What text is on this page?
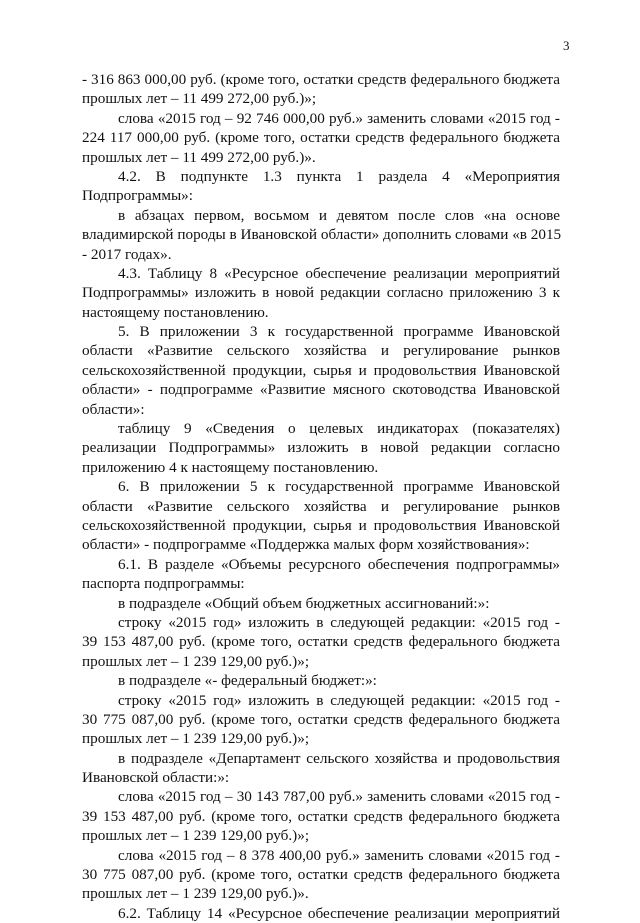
3
- 316 863 000,00 руб. (кроме того, остатки средств федерального бюджета
прошлых лет – 11 499 272,00 руб.)»;
слова «2015 год – 92 746 000,00 руб.» заменить словами «2015 год -
224 117 000,00 руб. (кроме того, остатки средств федерального бюджета
прошлых лет – 11 499 272,00 руб.)».
4.2. В подпункте 1.3 пункта 1 раздела 4 «Мероприятия
Подпрограммы»:
в абзацах первом, восьмом и девятом после слов «на основе
владимирской породы в Ивановской области» дополнить словами «в 2015
- 2017 годах».
4.3. Таблицу 8 «Ресурсное обеспечение реализации мероприятий
Подпрограммы» изложить в новой редакции согласно приложению 3 к
настоящему постановлению.
5. В приложении 3 к государственной программе Ивановской
области «Развитие сельского хозяйства и регулирование рынков
сельскохозяйственной продукции, сырья и продовольствия Ивановской
области» - подпрограмме «Развитие мясного скотоводства Ивановской
области»:
таблицу 9 «Сведения о целевых индикаторах (показателях)
реализации Подпрограммы» изложить в новой редакции согласно
приложению 4 к настоящему постановлению.
6. В приложении 5 к государственной программе Ивановской
области «Развитие сельского хозяйства и регулирование рынков
сельскохозяйственной продукции, сырья и продовольствия Ивановской
области» - подпрограмме «Поддержка малых форм хозяйствования»:
6.1. В разделе «Объемы ресурсного обеспечения подпрограммы»
паспорта подпрограммы:
в подразделе «Общий объем бюджетных ассигнований:»:
строку «2015 год» изложить в следующей редакции: «2015 год -
39 153 487,00 руб. (кроме того, остатки средств федерального бюджета
прошлых лет – 1 239 129,00 руб.)»;
в подразделе «- федеральный бюджет:»:
строку «2015 год» изложить в следующей редакции: «2015 год -
30 775 087,00 руб. (кроме того, остатки средств федерального бюджета
прошлых лет – 1 239 129,00 руб.)»;
в подразделе «Департамент сельского хозяйства и продовольствия
Ивановской области:»:
слова «2015 год – 30 143 787,00 руб.» заменить словами «2015 год -
39 153 487,00 руб. (кроме того, остатки средств федерального бюджета
прошлых лет – 1 239 129,00 руб.)»;
слова «2015 год – 8 378 400,00 руб.» заменить словами «2015 год -
30 775 087,00 руб. (кроме того, остатки средств федерального бюджета
прошлых лет – 1 239 129,00 руб.)».
6.2. Таблицу 14 «Ресурсное обеспечение реализации мероприятий
